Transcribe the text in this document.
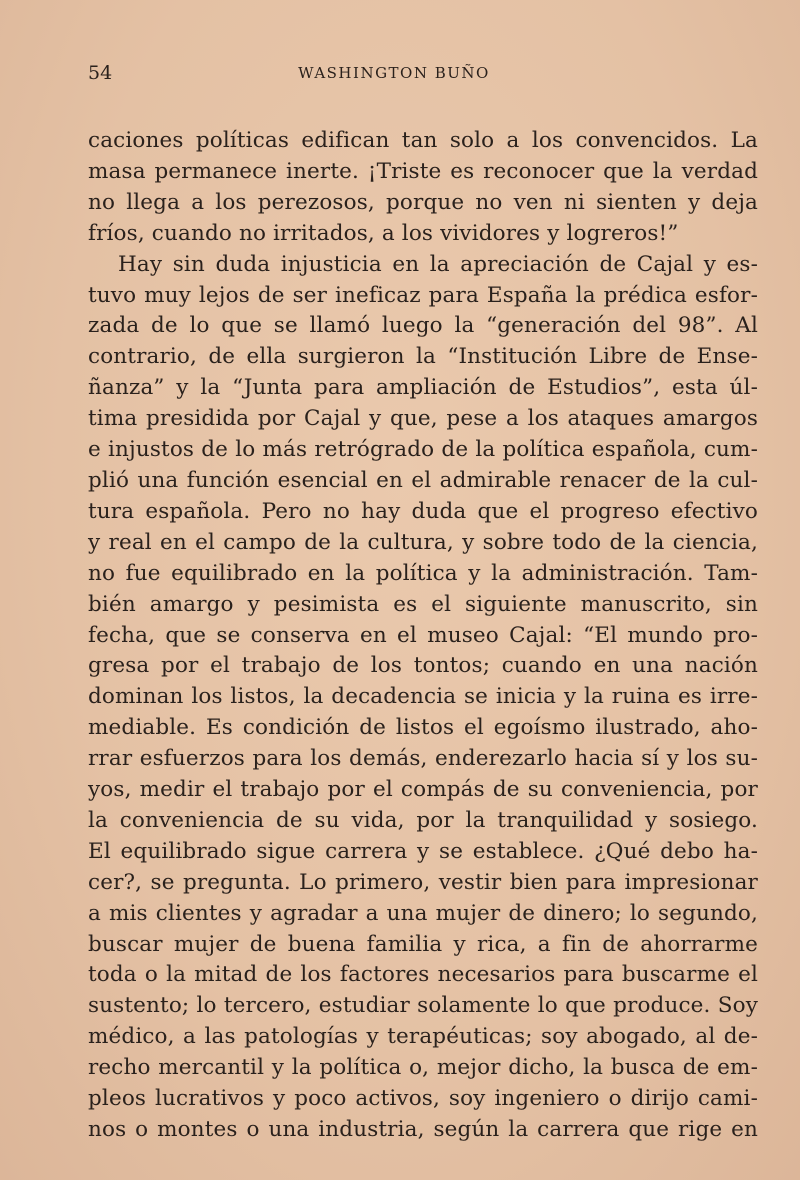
54	WASHINGTON BUÑO
caciones políticas edifican tan solo a los convencidos. La
masa permanece inerte. ¡Triste es reconocer que la verdad
no llega a los perezosos, porque no ven ni sienten y deja
fríos, cuando no irritados, a los vividores y logreros!”
Hay sin duda injusticia en la apreciación de Cajal y es-
tuvo muy lejos de ser ineficaz para España la prédica esfor-
zada de lo que se llamó luego la “generación del 98”. Al
contrario, de ella surgieron la “Institución Libre de Ense-
ñanza” y la “Junta para ampliación de Estudios”, esta úl-
tima presidida por Cajal y que, pese a los ataques amargos
e injustos de lo más retrógrado de la política española, cum-
plió una función esencial en el admirable renacer de la cul-
tura española. Pero no hay duda que el progreso efectivo
y real en el campo de la cultura, y sobre todo de la ciencia,
no fue equilibrado en la política y la administración. Tam-
bién amargo y pesimista es el siguiente manuscrito, sin
fecha, que se conserva en el museo Cajal: “El mundo pro-
gresa por el trabajo de los tontos; cuando en una nación
dominan los listos, la decadencia se inicia y la ruina es irre-
mediable. Es condición de listos el egoísmo ilustrado, aho-
rrar esfuerzos para los demás, enderezarlo hacia sí y los su-
yos, medir el trabajo por el compás de su conveniencia, por
la conveniencia de su vida, por la tranquilidad y sosiego.
El equilibrado sigue carrera y se establece. ¿Qué debo ha-
cer?, se pregunta. Lo primero, vestir bien para impresionar
a mis clientes y agradar a una mujer de dinero; lo segundo,
buscar mujer de buena familia y rica, a fin de ahorrarme
toda o la mitad de los factores necesarios para buscarme el
sustento; lo tercero, estudiar solamente lo que produce. Soy
médico, a las patologías y terapéuticas; soy abogado, al de-
recho mercantil y la política o, mejor dicho, la busca de em-
pleos lucrativos y poco activos, soy ingeniero o dirijo cami-
nos o montes o una industria, según la carrera que rige en
